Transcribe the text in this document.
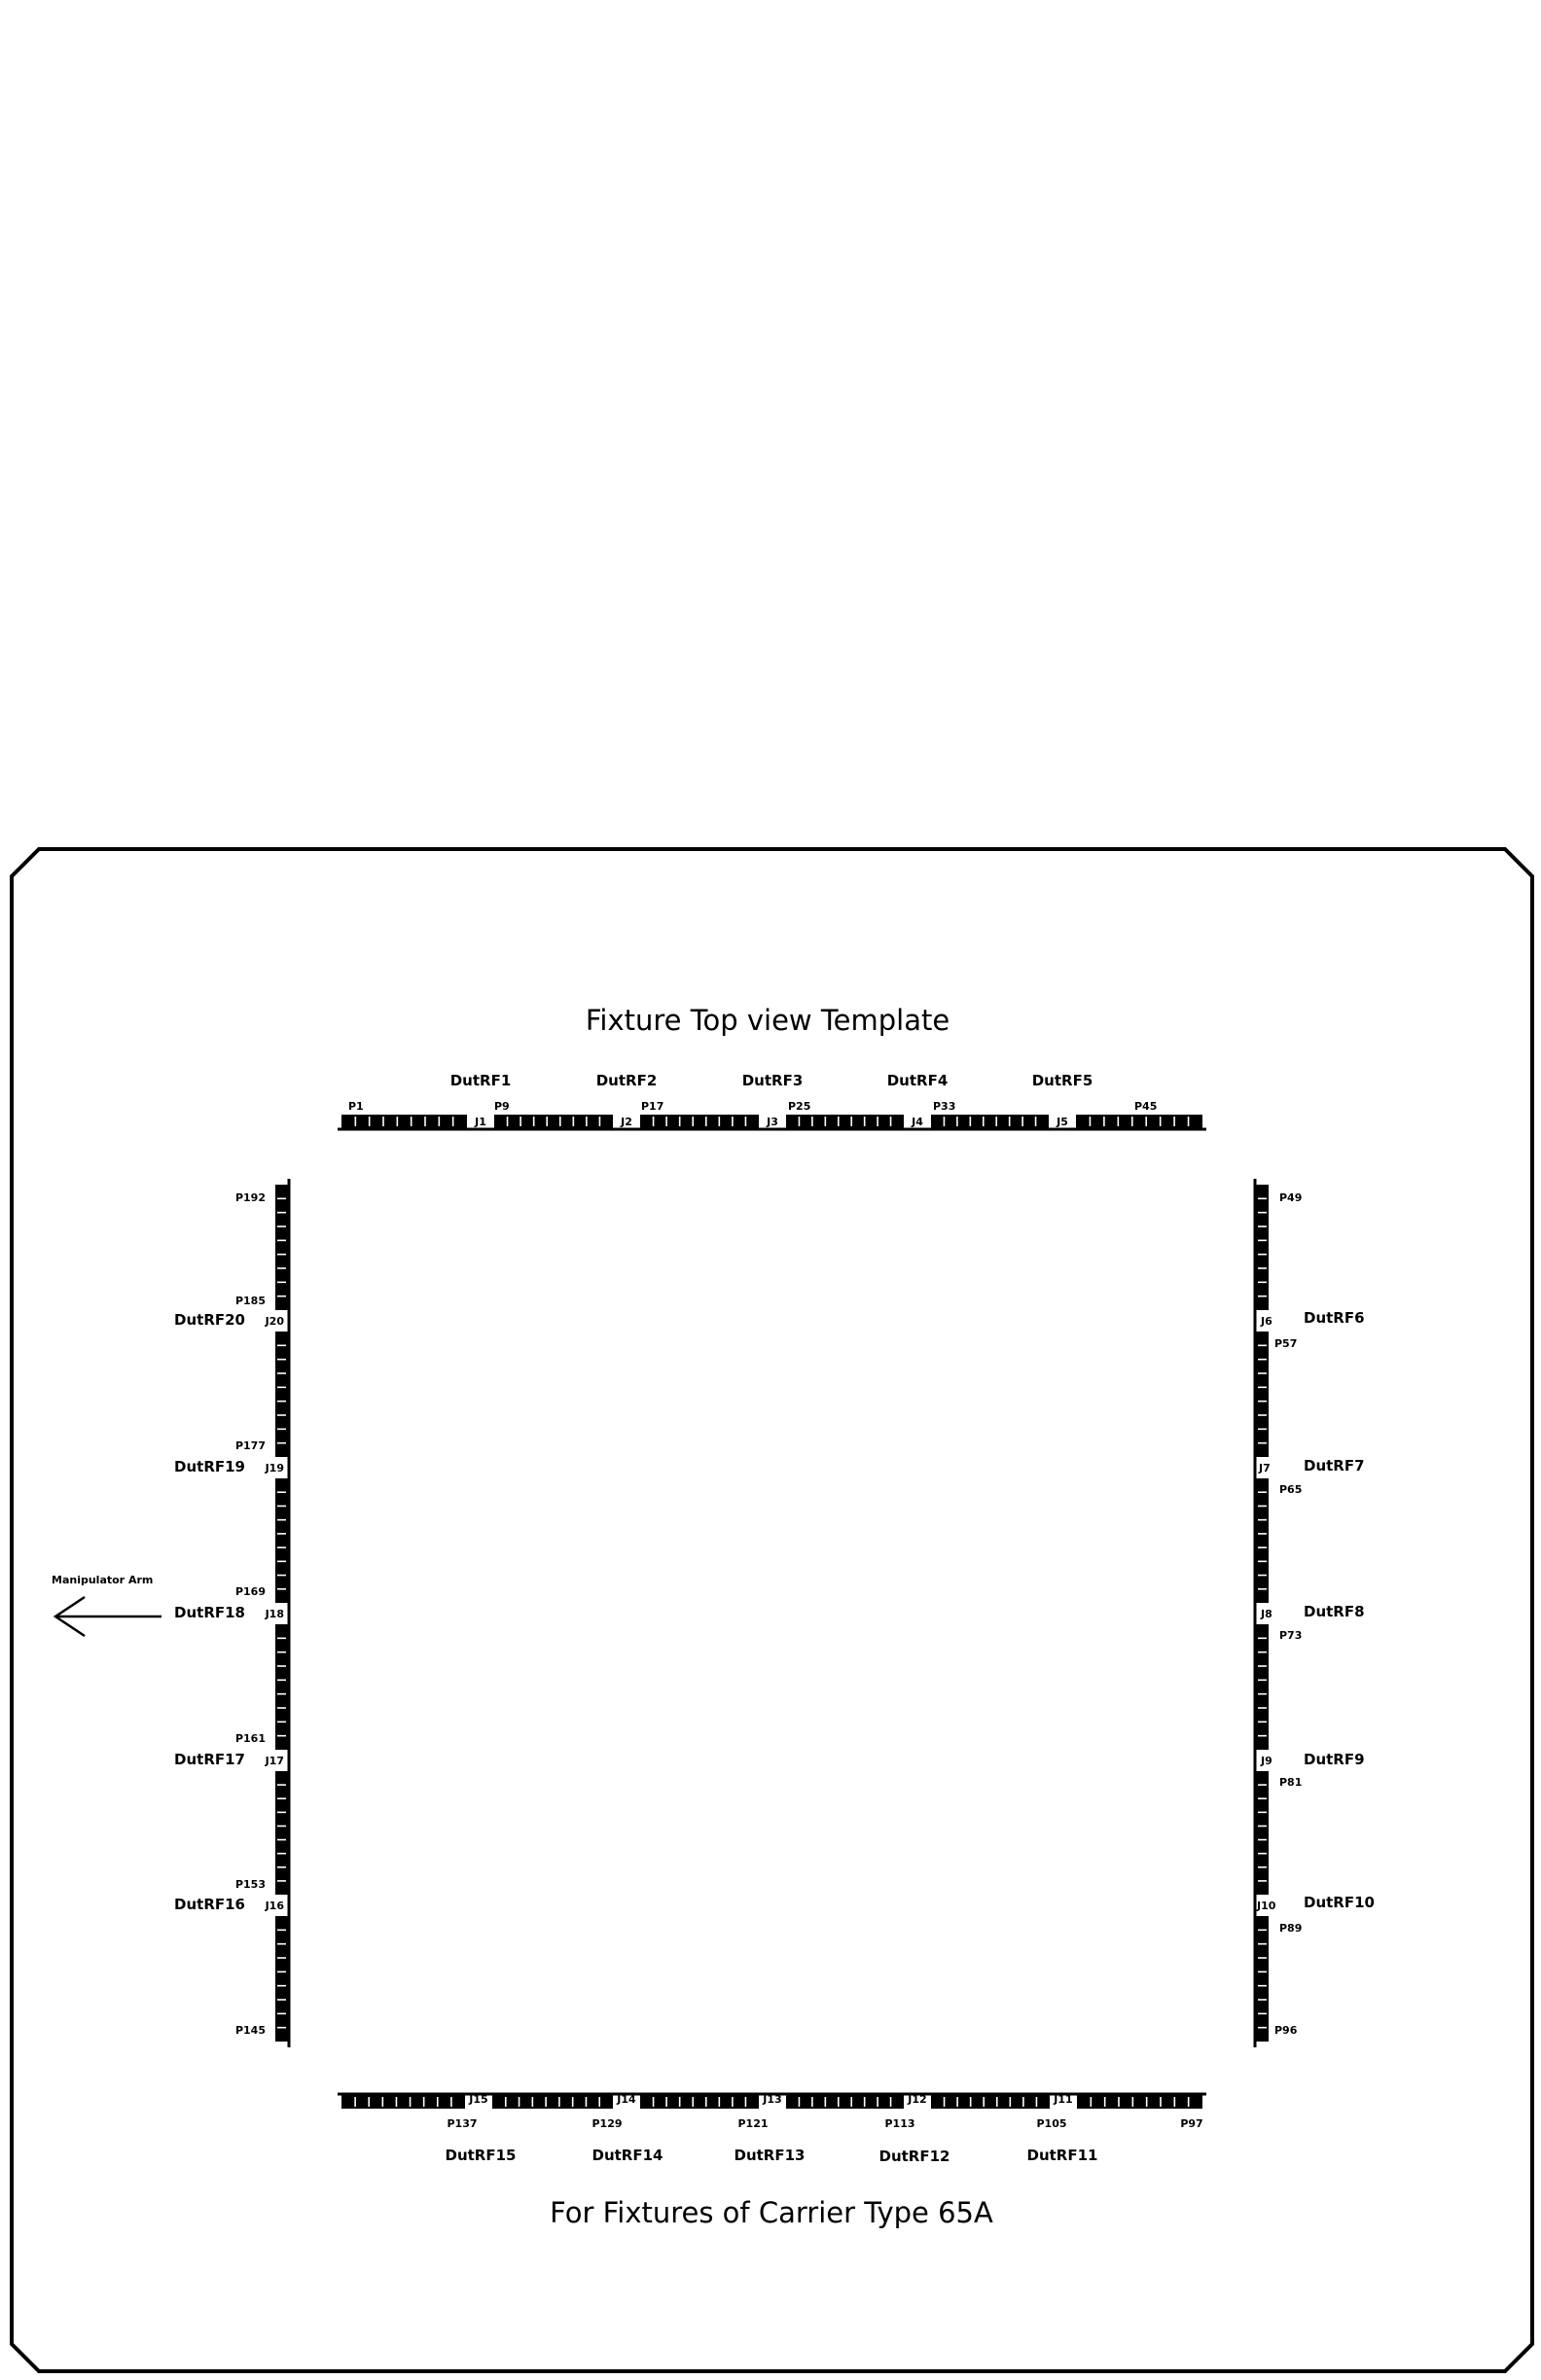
Fixture Top view Template
For Fixtures of Carrier Type 65A
Manipulator Arm
DutRF1	DutRF2	DutRF3	DutRF4	DutRF5
P1	P9	P17	P25	P33	P45
J1	J2	J3	J4	J5
J15	J14	J13	J12	J11
P137	P129	P121	P113	P105	P97
DutRF15	DutRF14	DutRF13	DutRF12	DutRF11
P192
P185
P177
P169
P161
P153
P145
J20
J19
J18
J17
J16
DutRF20
DutRF19
DutRF18
DutRF17
DutRF16
P49
P57
P65
P73
P81
P89
P96
J6
J7
J8
J9
J10
DutRF6
DutRF7
DutRF8
DutRF9
DutRF10
